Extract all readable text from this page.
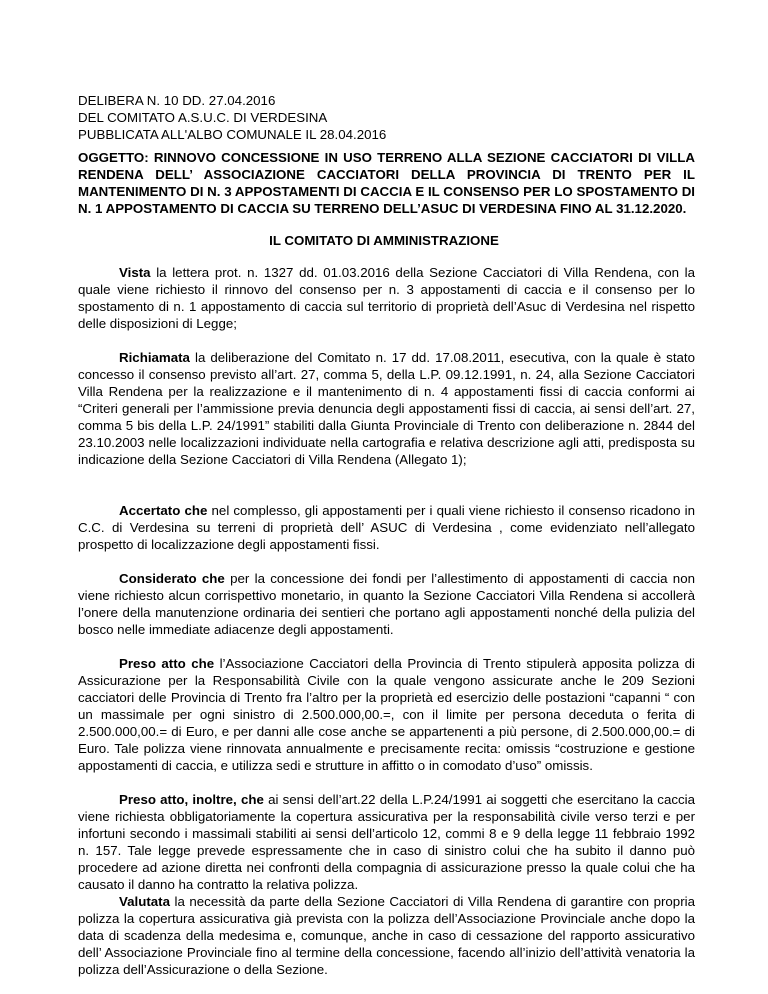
DELIBERA N. 10 DD. 27.04.2016
DEL COMITATO A.S.U.C. DI VERDESINA
PUBBLICATA ALL'ALBO COMUNALE IL 28.04.2016
OGGETTO: RINNOVO CONCESSIONE IN USO TERRENO ALLA SEZIONE CACCIATORI DI VILLA RENDENA DELL’ ASSOCIAZIONE CACCIATORI DELLA PROVINCIA DI TRENTO PER IL MANTENIMENTO DI N. 3 APPOSTAMENTI DI CACCIA E IL CONSENSO PER LO SPOSTAMENTO DI N. 1 APPOSTAMENTO DI CACCIA SU TERRENO DELL’ASUC DI VERDESINA FINO AL 31.12.2020.
IL COMITATO DI AMMINISTRAZIONE
Vista la lettera prot. n. 1327 dd. 01.03.2016 della Sezione Cacciatori di Villa Rendena, con la quale viene richiesto il rinnovo del consenso per n. 3 appostamenti di caccia e il consenso per lo spostamento di n. 1 appostamento di caccia sul territorio di proprietà dell’Asuc di Verdesina nel rispetto delle disposizioni di Legge;
Richiamata la deliberazione del Comitato n. 17 dd. 17.08.2011, esecutiva, con la quale è stato concesso il consenso previsto all’art. 27, comma 5, della L.P. 09.12.1991, n. 24, alla Sezione Cacciatori Villa Rendena per la realizzazione e il mantenimento di n. 4 appostamenti fissi di caccia conformi ai “Criteri generali per l’ammissione previa denuncia degli appostamenti fissi di caccia, ai sensi dell’art. 27, comma 5 bis della L.P. 24/1991” stabiliti dalla Giunta Provinciale di Trento con deliberazione n. 2844 del 23.10.2003 nelle localizzazioni individuate nella cartografia e relativa descrizione agli atti, predisposta su indicazione della Sezione Cacciatori di Villa Rendena (Allegato 1);
Accertato che nel complesso, gli appostamenti per i quali viene richiesto il consenso ricadono in C.C. di Verdesina su terreni di proprietà dell’ ASUC di Verdesina , come evidenziato nell’allegato prospetto di localizzazione degli appostamenti fissi.
Considerato che per la concessione dei fondi per l’allestimento di appostamenti di caccia non viene richiesto alcun corrispettivo monetario, in quanto la Sezione Cacciatori Villa Rendena si accollerà l’onere della manutenzione ordinaria dei sentieri che portano agli appostamenti nonché della pulizia del bosco nelle immediate adiacenze degli appostamenti.
Preso atto che l’Associazione Cacciatori della Provincia di Trento stipulerà apposita polizza di Assicurazione per la Responsabilità Civile con la quale vengono assicurate anche le 209 Sezioni cacciatori delle Provincia di Trento fra l’altro per la proprietà ed esercizio delle postazioni “capanni “ con un massimale per ogni sinistro di 2.500.000,00.=, con il limite per persona deceduta o ferita di 2.500.000,00.= di Euro, e per danni alle cose anche se appartenenti a più persone, di 2.500.000,00.= di Euro. Tale polizza viene rinnovata annualmente e precisamente recita: omissis “costruzione e gestione appostamenti di caccia, e utilizza sedi e strutture in affitto o in comodato d’uso” omissis.
Preso atto, inoltre, che ai sensi dell’art.22 della L.P.24/1991 ai soggetti che esercitano la caccia viene richiesta obbligatoriamente la copertura assicurativa per la responsabilità civile verso terzi e per infortuni secondo i massimali stabiliti ai sensi dell’articolo 12, commi 8 e 9 della legge 11 febbraio 1992 n. 157. Tale legge prevede espressamente che in caso di sinistro colui che ha subito il danno può procedere ad azione diretta nei confronti della compagnia di assicurazione presso la quale colui che ha causato il danno ha contratto la relativa polizza.
Valutata la necessità da parte della Sezione Cacciatori di Villa Rendena di garantire con propria polizza la copertura assicurativa già prevista con la polizza dell’Associazione Provinciale anche dopo la data di scadenza della medesima e, comunque, anche in caso di cessazione del rapporto assicurativo dell’ Associazione Provinciale fino al termine della concessione, facendo all’inizio dell’attività venatoria la polizza dell’Assicurazione o della Sezione.
